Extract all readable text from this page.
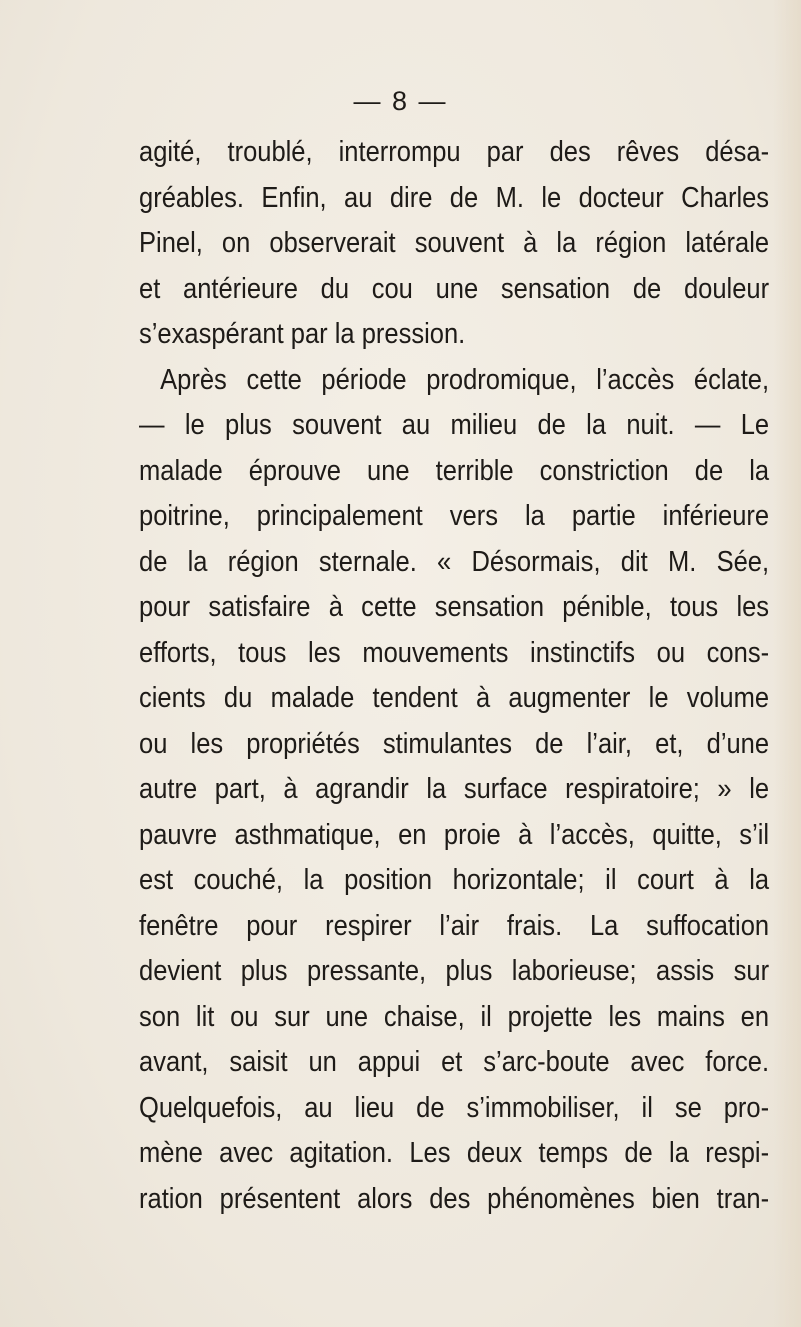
— 8 —
agité, troublé, interrompu par des rêves désa-
gréables. Enfin, au dire de M. le docteur Charles
Pinel, on observerait souvent à la région latérale
et antérieure du cou une sensation de douleur
s’exaspérant par la pression.
Après cette période prodromique, l’accès éclate,
— le plus souvent au milieu de la nuit. — Le
malade éprouve une terrible constriction de la
poitrine, principalement vers la partie inférieure
de la région sternale. « Désormais, dit M. Sée,
pour satisfaire à cette sensation pénible, tous les
efforts, tous les mouvements instinctifs ou cons-
cients du malade tendent à augmenter le volume
ou les propriétés stimulantes de l’air, et, d’une
autre part, à agrandir la surface respiratoire; » le
pauvre asthmatique, en proie à l’accès, quitte, s’il
est couché, la position horizontale; il court à la
fenêtre pour respirer l’air frais. La suffocation
devient plus pressante, plus laborieuse; assis sur
son lit ou sur une chaise, il projette les mains en
avant, saisit un appui et s’arc-boute avec force.
Quelquefois, au lieu de s’immobiliser, il se pro-
mène avec agitation. Les deux temps de la respi-
ration présentent alors des phénomènes bien tran-
